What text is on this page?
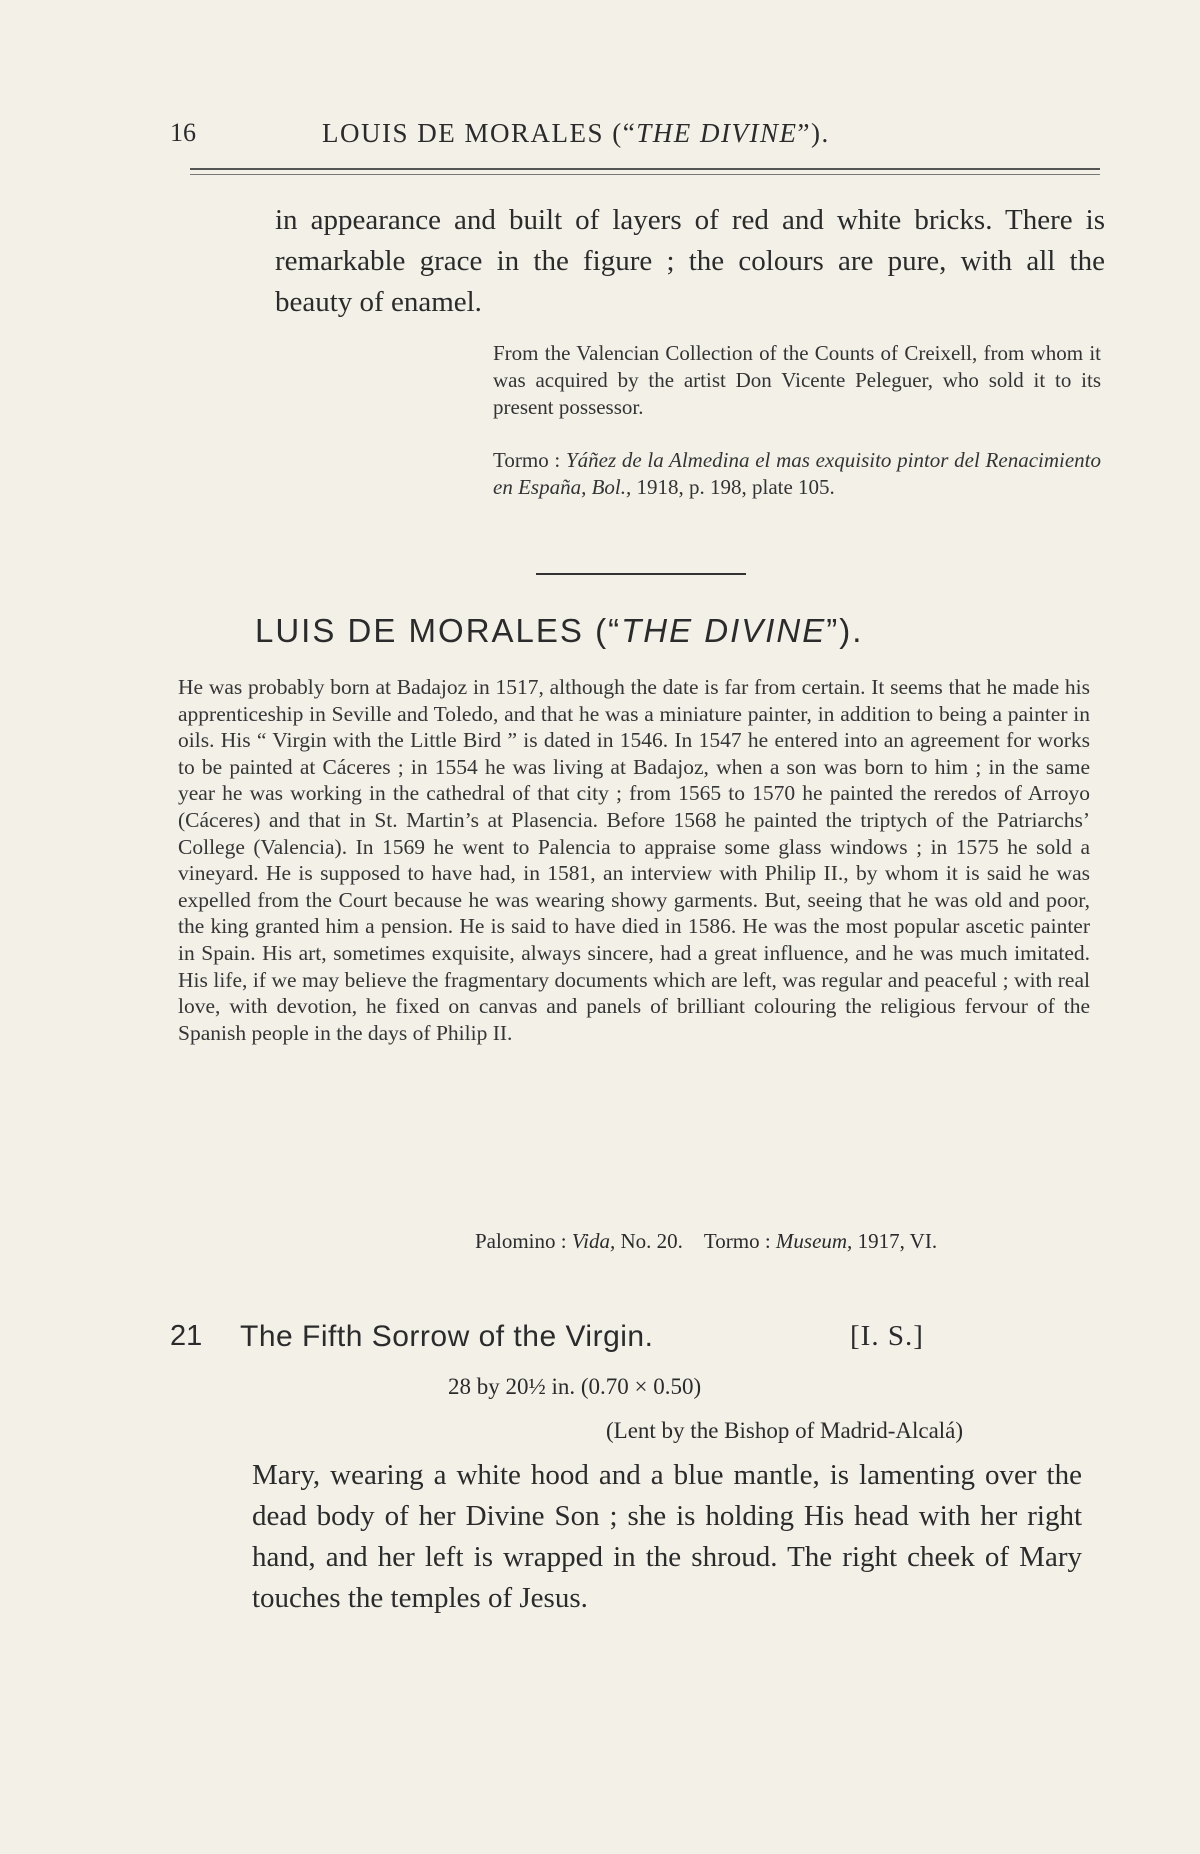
16	LOUIS DE MORALES (“THE DIVINE”).
in appearance and built of layers of red and white bricks. There is remarkable grace in the figure ; the colours are pure, with all the beauty of enamel.
From the Valencian Collection of the Counts of Creixell, from whom it was acquired by the artist Don Vicente Peleguer, who sold it to its present possessor.
Tormo : Yáñez de la Almedina el mas exquisito pintor del Renacimiento en España, Bol., 1918, p. 198, plate 105.
LUIS DE MORALES (“THE DIVINE”).
He was probably born at Badajoz in 1517, although the date is far from certain. It seems that he made his apprenticeship in Seville and Toledo, and that he was a miniature painter, in addition to being a painter in oils. His “ Virgin with the Little Bird ” is dated in 1546. In 1547 he entered into an agreement for works to be painted at Cáceres ; in 1554 he was living at Badajoz, when a son was born to him ; in the same year he was working in the cathedral of that city ; from 1565 to 1570 he painted the reredos of Arroyo (Cáceres) and that in St. Martin’s at Plasencia. Before 1568 he painted the triptych of the Patriarchs’ College (Valencia). In 1569 he went to Palencia to appraise some glass windows ; in 1575 he sold a vineyard. He is supposed to have had, in 1581, an interview with Philip II., by whom it is said he was expelled from the Court because he was wearing showy garments. But, seeing that he was old and poor, the king granted him a pension. He is said to have died in 1586. He was the most popular ascetic painter in Spain. His art, sometimes exquisite, always sincere, had a great influence, and he was much imitated. His life, if we may believe the fragmentary documents which are left, was regular and peaceful ; with real love, with devotion, he fixed on canvas and panels of brilliant colouring the religious fervour of the Spanish people in the days of Philip II.
Palomino : Vida, No. 20. Tormo : Museum, 1917, VI.
21 The Fifth Sorrow of the Virgin.	[I. S.]
28 by 20½ in. (0.70 × 0.50)
(Lent by the Bishop of Madrid-Alcalá)
Mary, wearing a white hood and a blue mantle, is lamenting over the dead body of her Divine Son ; she is holding His head with her right hand, and her left is wrapped in the shroud. The right cheek of Mary touches the temples of Jesus.
